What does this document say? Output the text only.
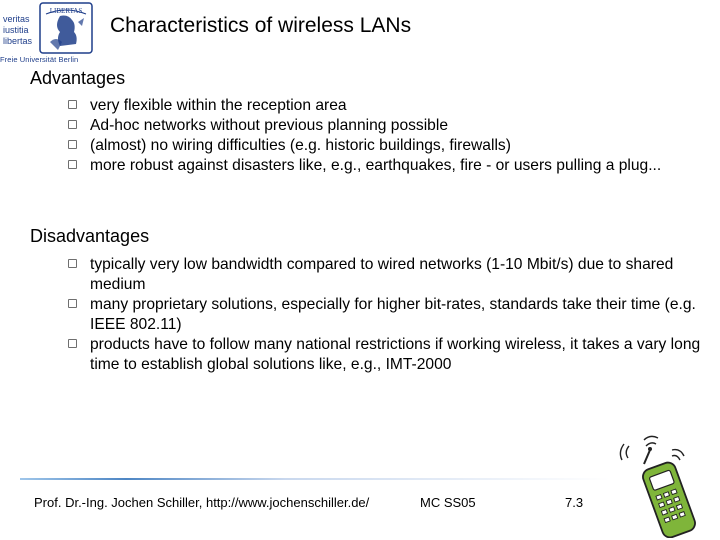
veritas
iustitia
libertas
LIBERTAS
Freie Universität Berlin
Characteristics of wireless LANs
Advantages
very flexible within the reception area
Ad-hoc networks without previous planning possible
(almost) no wiring difficulties (e.g. historic buildings, firewalls)
more robust against disasters like, e.g., earthquakes, fire - or users pulling a plug...
Disadvantages
typically very low bandwidth compared to wired networks (1-10 Mbit/s) due to shared medium
many proprietary solutions, especially for higher bit-rates, standards take their time (e.g. IEEE 802.11)
products have to follow many national restrictions if working wireless, it takes a vary long time to establish global solutions like, e.g., IMT-2000
Prof. Dr.-Ing. Jochen Schiller, http://www.jochenschiller.de/	MC SS05	7.3
